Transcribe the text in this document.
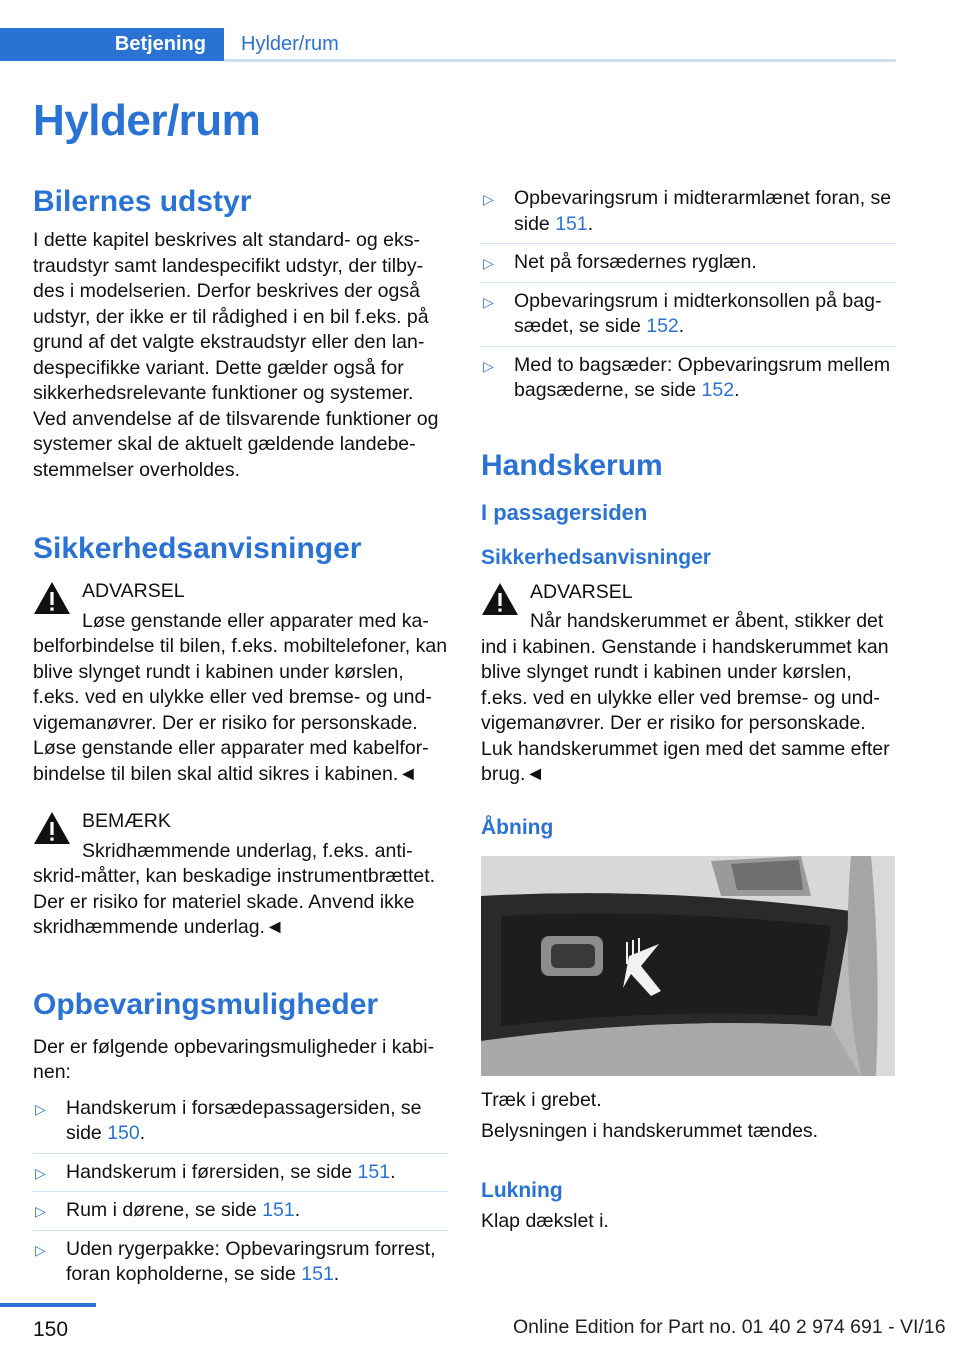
Betjening	Hylder/rum
Hylder/rum
Bilernes udstyr

I dette kapitel beskrives alt standard- og ekstraudstyr samt landespecifikt udstyr, der tilbydes i modelserien. Derfor beskrives der også udstyr, der ikke er til rådighed i en bil f.eks. på grund af det valgte ekstraudstyr eller den landespecifikke variant. Dette gælder også for sikkerhedsrelevante funktioner og systemer. Ved anvendelse af de tilsvarende funktioner og systemer skal de aktuelt gældende landebestemmelser overholdes.

Sikkerhedsanvisninger

ADVARSEL

Løse genstande eller apparater med kabelforbindelse til bilen, f.eks. mobiltelefoner, kan blive slynget rundt i kabinen under kørslen, f.eks. ved en ulykke eller ved bremse- og undvigemanøvrer. Der er risiko for personskade. Løse genstande eller apparater med kabelforbindelse til bilen skal altid sikres i kabinen.◄

BEMÆRK

Skridhæmmende underlag, f.eks. antiskrid-måtter, kan beskadige instrumentbrættet. Der er risiko for materiel skade. Anvend ikke skridhæmmende underlag.◄

Opbevaringsmuligheder

Der er følgende opbevaringsmuligheder i kabinen:

▷ Handskerum i forsædepassagersiden, se side 150.
▷ Handskerum i førersiden, se side 151.
▷ Rum i dørene, se side 151.
▷ Uden rygerpakke: Opbevaringsrum forrest, foran kopholderne, se side 151.
▷ Opbevaringsrum i midterarmlænet foran, se side 151.
▷ Net på forsædernes ryglæn.
▷ Opbevaringsrum i midterkonsollen på bagsædet, se side 152.
▷ Med to bagsæder: Opbevaringsrum mellem bagsæderne, se side 152.
Handskerum
I passagersiden
Sikkerhedsanvisninger

ADVARSEL

Når handskerummet er åbent, stikker det ind i kabinen. Genstande i handskerummet kan blive slynget rundt i kabinen under kørslen, f.eks. ved en ulykke eller ved bremse- og undvigemanøvrer. Der er risiko for personskade. Luk handskerummet igen med det samme efter brug.◄

Åbning

Træk i grebet.

Belysningen i handskerummet tændes.

Lukning

Klap dækslet i.

150	Online Edition for Part no. 01 40 2 974 691 - VI/16
